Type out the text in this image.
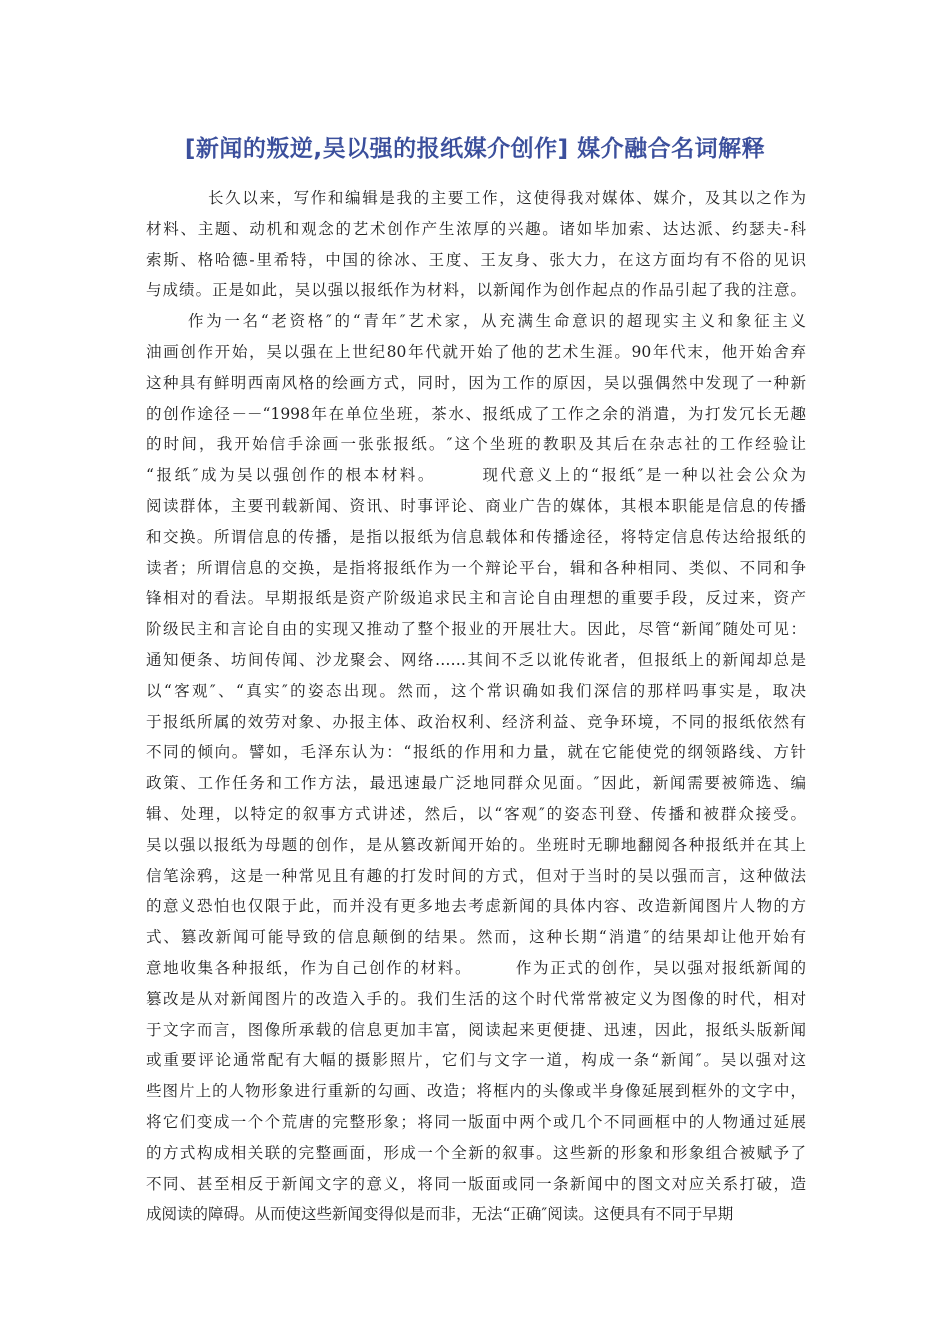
[新闻的叛逆,吴以强的报纸媒介创作] 媒介融合名词解释
长久以来，写作和编辑是我的主要工作，这使得我对媒体、媒介，及其以之作为
材料、主题、动机和观念的艺术创作产生浓厚的兴趣。诸如毕加索、达达派、约瑟夫-科
索斯、格哈德-里希特，中国的徐冰、王度、王友身、张大力，在这方面均有不俗的见识
与成绩。正是如此，吴以强以报纸作为材料，以新闻作为创作起点的作品引起了我的注意。
作为一名“老资格″的“青年″艺术家，从充满生命意识的超现实主义和象征主义
油画创作开始，吴以强在上世纪80年代就开始了他的艺术生涯。90年代末，他开始舍弃
这种具有鲜明西南风格的绘画方式，同时，因为工作的原因，吴以强偶然中发现了一种新
的创作途径－－“1998年在单位坐班，茶水、报纸成了工作之余的消遣，为打发冗长无趣
的时间，我开始信手涂画一张张报纸。″这个坐班的教职及其后在杂志社的工作经验让
“报纸″成为吴以强创作的根本材料。　　　现代意义上的“报纸″是一种以社会公众为
阅读群体，主要刊载新闻、资讯、时事评论、商业广告的媒体，其根本职能是信息的传播
和交换。所谓信息的传播，是指以报纸为信息载体和传播途径，将特定信息传达给报纸的
读者；所谓信息的交换，是指将报纸作为一个辩论平台，辑和各种相同、类似、不同和争
锋相对的看法。早期报纸是资产阶级追求民主和言论自由理想的重要手段，反过来，资产
阶级民主和言论自由的实现又推动了整个报业的开展壮大。因此，尽管“新闻″随处可见：
通知便条、坊间传闻、沙龙聚会、网络……其间不乏以讹传讹者，但报纸上的新闻却总是
以“客观″、“真实″的姿态出现。然而，这个常识确如我们深信的那样吗事实是，取决
于报纸所属的效劳对象、办报主体、政治权利、经济利益、竞争环境，不同的报纸依然有
不同的倾向。譬如，毛泽东认为：“报纸的作用和力量，就在它能使党的纲领路线、方针
政策、工作任务和工作方法，最迅速最广泛地同群众见面。″因此，新闻需要被筛选、编
辑、处理，以特定的叙事方式讲述，然后，以“客观″的姿态刊登、传播和被群众接受。
吴以强以报纸为母题的创作，是从篡改新闻开始的。坐班时无聊地翻阅各种报纸并在其上
信笔涂鸦，这是一种常见且有趣的打发时间的方式，但对于当时的吴以强而言，这种做法
的意义恐怕也仅限于此，而并没有更多地去考虑新闻的具体内容、改造新闻图片人物的方
式、篡改新闻可能导致的信息颠倒的结果。然而，这种长期“消遣″的结果却让他开始有
意地收集各种报纸，作为自己创作的材料。　　　作为正式的创作，吴以强对报纸新闻的
篡改是从对新闻图片的改造入手的。我们生活的这个时代常常被定义为图像的时代，相对
于文字而言，图像所承载的信息更加丰富，阅读起来更便捷、迅速，因此，报纸头版新闻
或重要评论通常配有大幅的摄影照片，它们与文字一道，构成一条“新闻″。吴以强对这
些图片上的人物形象进行重新的勾画、改造；将框内的头像或半身像延展到框外的文字中，
将它们变成一个个荒唐的完整形象；将同一版面中两个或几个不同画框中的人物通过延展
的方式构成相关联的完整画面，形成一个全新的叙事。这些新的形象和形象组合被赋予了
不同、甚至相反于新闻文字的意义，将同一版面或同一条新闻中的图文对应关系打破，造
成阅读的障碍。从而使这些新闻变得似是而非，无法“正确″阅读。这便具有不同于早期
